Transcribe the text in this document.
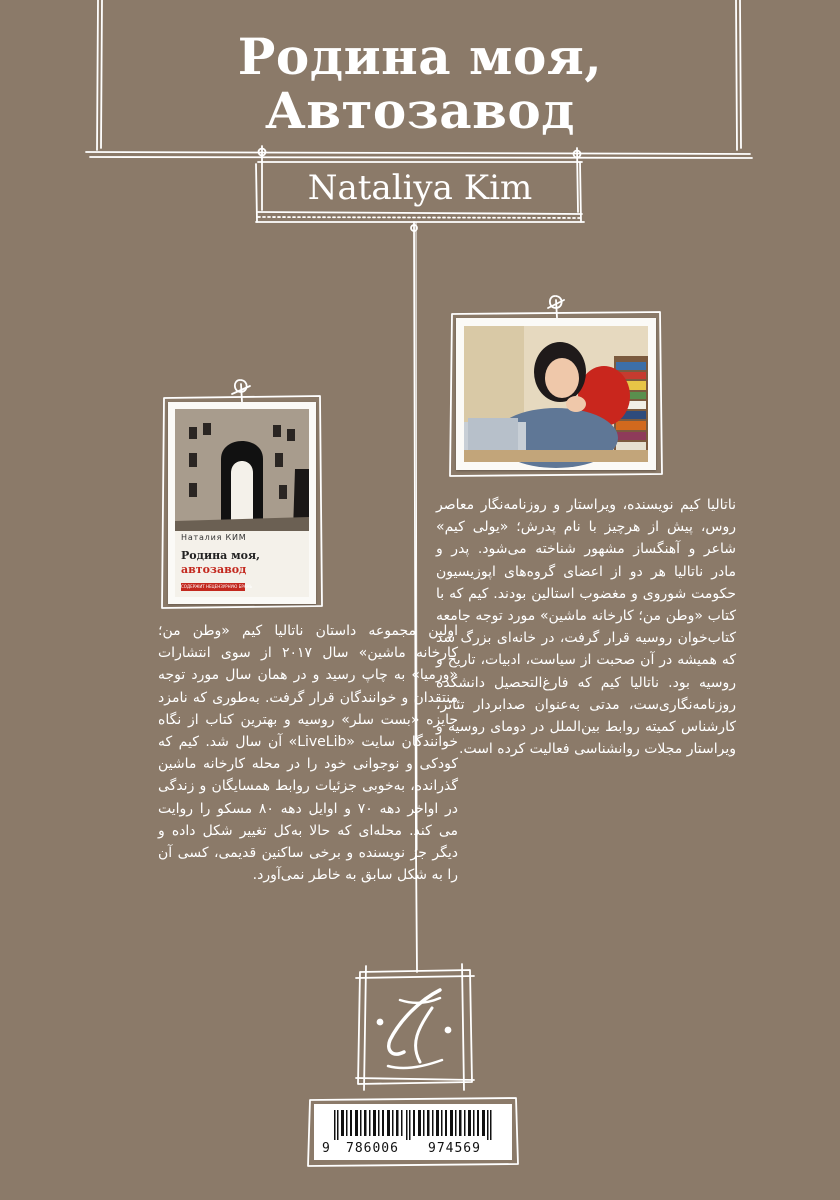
Родина моя,
Автозавод
Nataliya Kim
Наталия КИМ
Родина моя,
автозавод
СОДЕРЖИТ НЕЦЕНЗУРНУЮ БРАНЬ
ناتالیا کیم نویسنده، ویراستار و روزنامه‌نگار معاصر روس، پیش از هرچیز با نام پدرش؛ «یولی کیم» شاعر و آهنگساز مشهور شناخته می‌شود. پدر و مادر ناتالیا هر دو از اعضای گروه‌های اپوزیسیون حکومت شوروی و مغضوب استالین بودند. کیم که با کتاب «وطن من؛ کارخانه ماشین» مورد توجه جامعه کتاب‌خوان روسیه قرار گرفت، در خانه‌ای بزرگ شد که همیشه در آن صحبت از سیاست، ادبیات، تاریخ و روسیه بود. ناتالیا کیم که فارغ‌التحصیل دانشکده روزنامه‌نگاری‌ست، مدتی به‌عنوان صدابردار تئاتر، کارشناس کمیته روابط بین‌الملل در دومای روسیه و ویراستار مجلات روانشناسی فعالیت کرده است.
اولین مجموعه داستان ناتالیا کیم «وطن من؛ کارخانه ماشین» سال ۲۰۱۷ از سوی انتشارات «ورمیا» به چاپ رسید و در همان سال مورد توجه منتقدان و خوانندگان قرار گرفت. به‌طوری که نامزد جایزه «بست سلر» روسیه و بهترین کتاب از نگاه خوانندگان سایت «LiveLib» آن سال شد. کیم که کودکی و نوجوانی خود را در محله کارخانه ماشین گذرانده، به‌خوبی جزئیات روابط همسایگان و زندگی در اواخر دهه ۷۰ و اوایل دهه ۸۰ مسکو را روایت می کند. محله‌ای که حالا به‌کل تغییر شکل داده و دیگر جز نویسنده و برخی ساکنین قدیمی، کسی آن را به شکل سابق به خاطر نمی‌آورد.
9 786006 974569
